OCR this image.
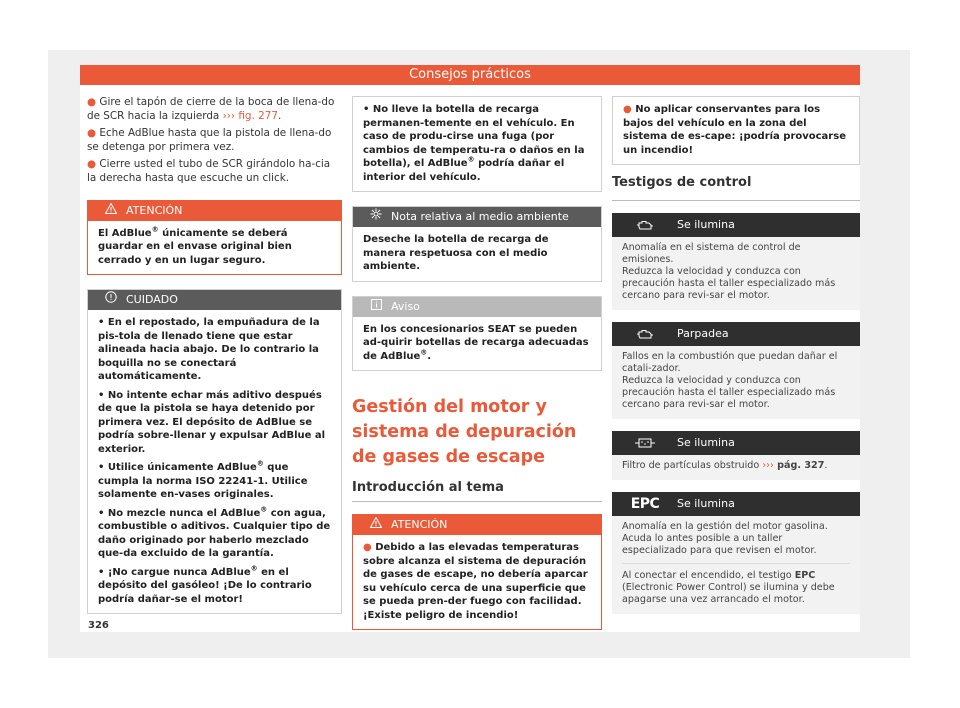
Consejos prácticos

● Gire el tapón de cierre de la boca de llena-do de SCR hacia la izquierda ››› fig. 277.

● Eche AdBlue hasta que la pistola de llena-do se detenga por primera vez.

● Cierre usted el tubo de SCR girándolo ha-cia la derecha hasta que escuche un click.

ATENCIÓN
El AdBlue® únicamente se deberá guardar en el envase original bien cerrado y en un lugar seguro.
CUIDADO

• En el repostado, la empuñadura de la pis-tola de llenado tiene que estar alineada hacia abajo. De lo contrario la boquilla no se conectará automáticamente.

• No intente echar más aditivo después de que la pistola se haya detenido por primera vez. El depósito de AdBlue se podría sobre-llenar y expulsar AdBlue al exterior.

• Utilice únicamente AdBlue® que cumpla la norma ISO 22241-1. Utilice solamente en-vases originales.

• No mezcle nunca el AdBlue® con agua, combustible o aditivos. Cualquier tipo de daño originado por haberlo mezclado que-da excluido de la garantía.

• ¡No cargue nunca AdBlue® en el depósito del gasóleo! ¡De lo contrario podría dañar-se el motor!

• No lleve la botella de recarga permanen-temente en el vehículo. En caso de produ-cirse una fuga (por cambios de temperatu-ra o daños en la botella), el AdBlue® podría dañar el interior del vehículo.
Nota relativa al medio ambiente
Deseche la botella de recarga de manera respetuosa con el medio ambiente.
Aviso
En los concesionarios SEAT se pueden ad-quirir botellas de recarga adecuadas de AdBlue®.
Gestión del motor y sistema de depuración de gases de escape
Introducción al tema
ATENCIÓN
● Debido a las elevadas temperaturas sobre alcanza el sistema de depuración de gases de escape, no debería aparcar su vehículo cerca de una superficie que se pueda pren-der fuego con facilidad. ¡Existe peligro de incendio!
● No aplicar conservantes para los bajos del vehículo en la zona del sistema de es-cape: ¡podría provocarse un incendio!
Testigos de control
Se ilumina

Anomalía en el sistema de control de emisiones.

Reduzca la velocidad y conduzca con precaución hasta el taller especializado más cercano para revi-sar el motor.

Parpadea

Fallos en la combustión que puedan dañar el catali-zador.

Reduzca la velocidad y conduzca con precaución hasta el taller especializado más cercano para revi-sar el motor.

Se ilumina

Filtro de partículas obstruido ››› pág. 327.

EPC Se ilumina

Anomalía en la gestión del motor gasolina.

Acuda lo antes posible a un taller especializado para que revisen el motor.

Al conectar el encendido, el testigo EPC (Electronic Power Control) se ilumina y debe apagarse una vez arrancado el motor.

326
